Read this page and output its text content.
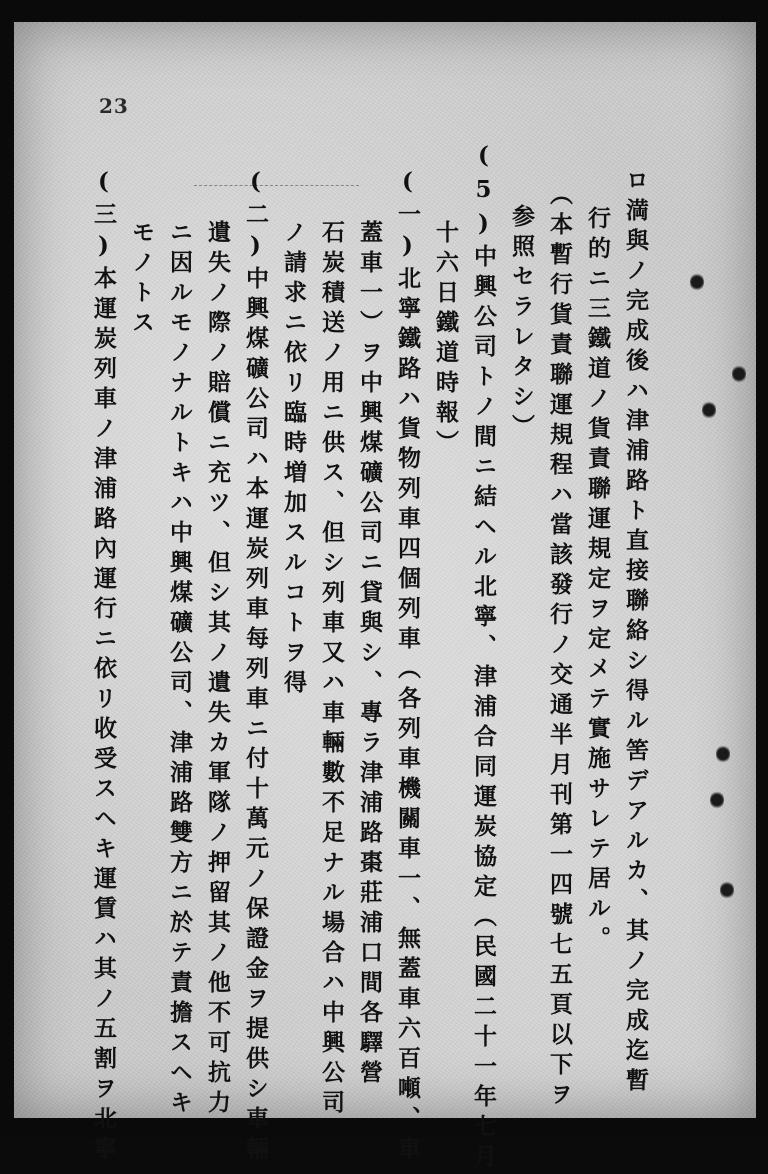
23
ロ満與ノ完成後ハ津浦路ト直接聯絡シ得ル筈デアルカ、其ノ完成迄暫
行的ニ三鐵道ノ貨責聯運規定ヲ定メテ實施サレテ居ル。
（本暫行貨責聯運規程ハ當該發行ノ交通半月刊第一四號七五頁以下ヲ
参照セラレタシ）
(5)中興公司トノ間ニ結ヘル北寧、津浦合同運炭協定（民國二十一年七月
十六日鐵道時報）
(一)北寧鐵路ハ貨物列車四個列車（各列車機關車一、無蓋車六百噸、車
蓋車一）ヲ中興煤礦公司ニ貸與シ、專ラ津浦路棗莊浦口間各驛營
石炭積送ノ用ニ供ス、但シ列車又ハ車輛數不足ナル場合ハ中興公司
ノ請求ニ依リ臨時増加スルコトヲ得
(二)中興煤礦公司ハ本運炭列車每列車ニ付十萬元ノ保證金ヲ提供シ車輛
遺失ノ際ノ賠償ニ充ツ、但シ其ノ遺失カ軍隊ノ押留其ノ他不可抗力
ニ因ルモノナルトキハ中興煤礦公司、津浦路雙方ニ於テ責擔スヘキ
モノトス
(三)本運炭列車ノ津浦路內運行ニ依リ收受スヘキ運賃ハ其ノ五割ヲ北寧
